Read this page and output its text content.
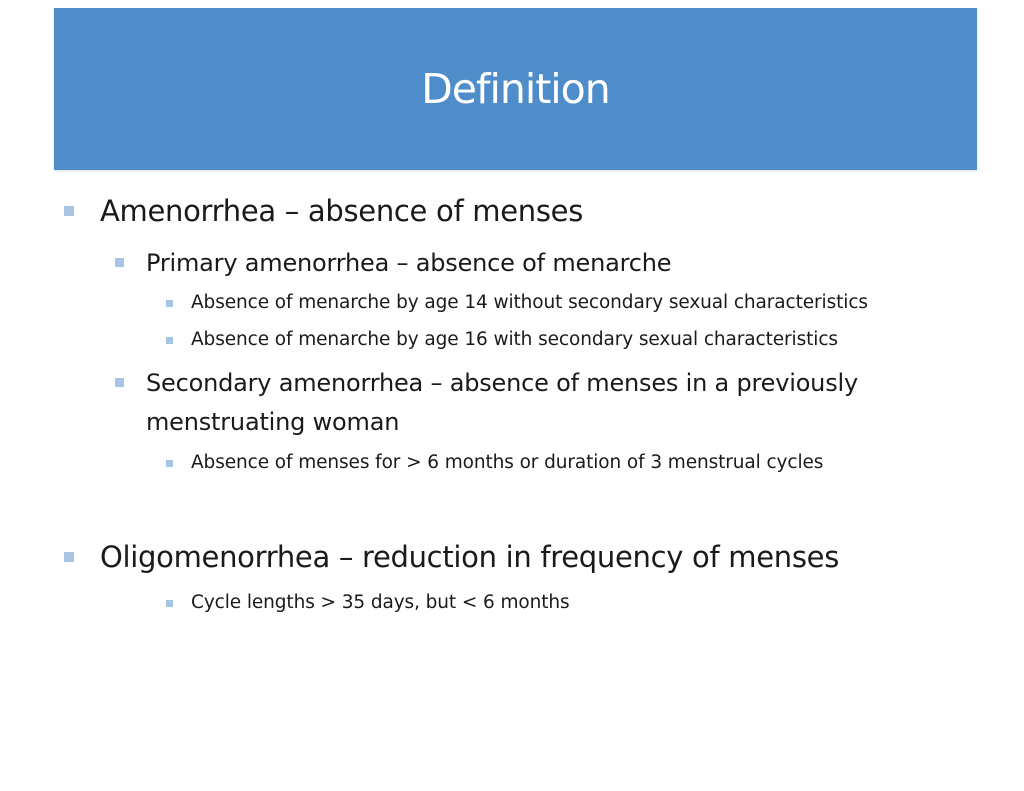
Definition
Amenorrhea – absence of menses
Primary amenorrhea – absence of menarche
Absence of menarche by age 14 without secondary sexual characteristics
Absence of menarche by age 16 with secondary sexual characteristics
Secondary amenorrhea – absence of menses in a previously
menstruating woman
Absence of menses for > 6 months or duration of 3 menstrual cycles
Oligomenorrhea – reduction in frequency of menses
Cycle lengths > 35 days, but < 6 months
